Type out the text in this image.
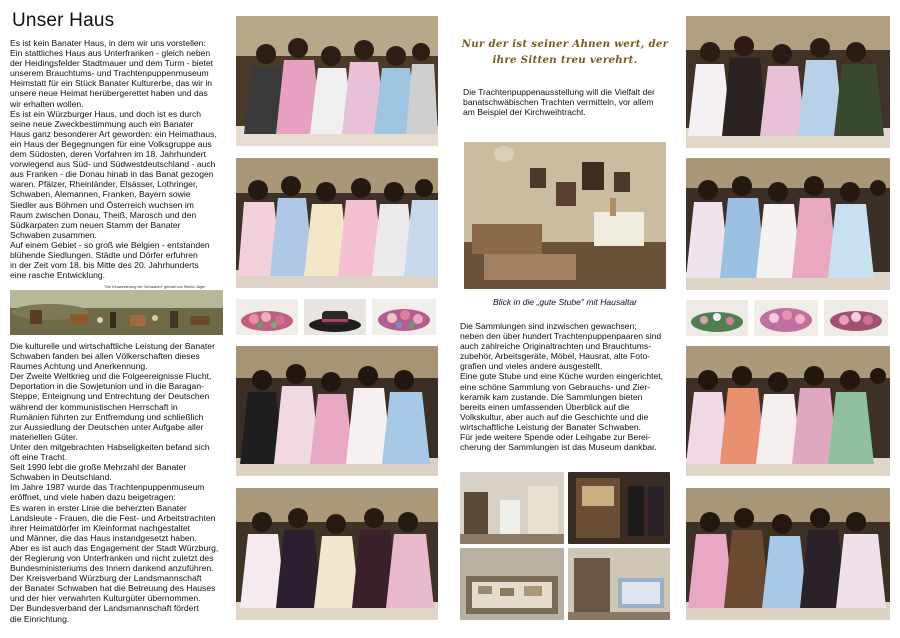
Unser Haus
Es ist kein Banater Haus, in dem wir uns vorstellen:
Ein stattliches Haus aus Unterfranken - gleich neben
der Heidingsfelder Stadtmauer und dem Turm - bietet
unserem Brauchtums- und Trachtenpuppenmuseum
Heimstatt für ein Stück Banater Kulturerbe, das wir in
unsere neue Heimat herübergerettet haben und das
wir erhalten wollen.
Es ist ein Würzburger Haus, und doch ist es durch
seine neue Zweckbestimmung auch ein Banater
Haus ganz besonderer Art geworden: ein Heimathaus,
ein Haus der Begegnungen für eine Volksgruppe aus
dem Südosten, deren Vorfahren im 18. Jahrhundert
vorwiegend aus Süd- und Südwestdeutschland - auch
aus Franken - die Donau hinab in das Banat gezogen
waren. Pfälzer, Rheinländer, Elsässer, Lothringer,
Schwaben, Alemannen, Franken, Bayern sowie
Siedler aus Böhmen und Österreich wuchsen im
Raum zwischen Donau, Theiß, Marosch und den
Südkarpaten zum neuen Stamm der Banater
Schwaben zusammen.
Auf einem Gebiet - so groß wie Belgien - entstanden
blühende Siedlungen. Städte und Dörfer erfuhren
in der Zeit vom 18. bis Mitte des 20. Jahrhunderts
eine rasche Entwicklung.
"Die Einwanderung der Schwaben" gemalt von Stefan Jäger
Die kulturelle und wirtschaftliche Leistung der Banater
Schwaben fanden bei allen Völkerschaften dieses
Raumes Achtung und Anerkennung.
Der Zweite Weltkrieg und die Folgeereignisse Flucht,
Deportation in die Sowjetunion und in die Baragan-
Steppe, Enteignung und Entrechtung der Deutschen
während der kommunistischen Herrschaft in
Rumänien führten zur Entfremdung und schließlich
zur Aussiedlung der Deutschen unter Aufgabe aller
materiellen Güter.
Unter den mitgebrachten Habseligkeiten befand sich
oft eine Tracht.
Seit 1990 lebt die große Mehrzahl der Banater
Schwaben in Deutschland.
Im Jahre 1987 wurde das Trachtenpuppenmuseum
eröffnet, und viele haben dazu beigetragen:
Es waren in erster Linie die beherzten Banater
Landsleute - Frauen, die die Fest- und Arbeitstrachten
ihrer Heimatdörfer im Kleinformat nachgestaltet
und Männer, die das Haus instandgesetzt haben.
Aber es ist auch das Engagement der Stadt Würzburg,
der Regierung von Unterfranken und nicht zuletzt des
Bundesministeriums des Innern dankend anzuführen.
Der Kreisverband Würzburg der Landsmannschaft
der Banater Schwaben hat die Betreuung des Hauses
und der hier verwahrten Kulturgüter übernommen.
Der Bundesverband der Landsmannschaft fördert
die Einrichtung.
Nur der ist seiner Ahnen wert, der ihre Sitten treu verehrt.
Die Trachtenpuppenausstellung will die Vielfalt der
banatschwäbischen Trachten vermitteln, vor allem
am Beispiel der Kirchweihtracht.
Blick in die „gute Stube" mit Hausaltar
Die Sammlungen sind inzwischen gewachsen;
neben den über hundert Trachtenpuppenpaaren sind
auch zahlreiche Originaltrachten und Brauchtums-
zubehör, Arbeitsgeräte, Möbel, Hausrat, alte Foto-
grafien und vieles andere ausgestellt.
Eine gute Stube und eine Küche wurden eingerichtet,
eine schöne Sammlung von Gebrauchs- und Zier-
keramik kam zustande. Die Sammlungen bieten
bereits einen umfassenden Überblick auf die
Volkskultur, aber auch auf die Geschichte und die
wirtschaftliche Leistung der Banater Schwaben.
Für jede weitere Spende oder Leihgabe zur Berei-
cherung der Sammlungen ist das Museum dankbar.
